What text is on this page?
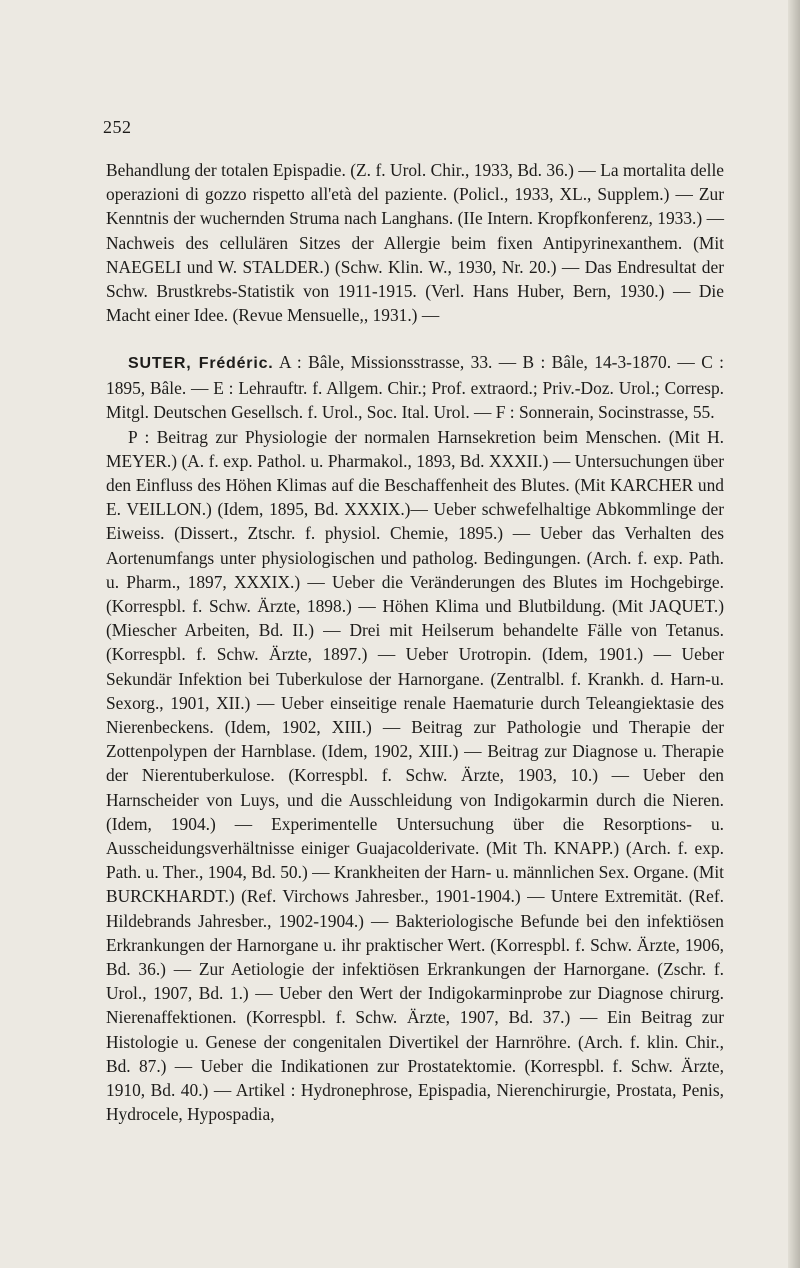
252

Behandlung der totalen Epispadie. (Z. f. Urol. Chir., 1933, Bd. 36.) — La mortalita delle operazioni di gozzo rispetto all'età del paziente. (Policl., 1933, XL., Supplem.) — Zur Kenntnis der wuchernden Struma nach Langhans. (IIe Intern. Kropfkonferenz, 1933.) — Nachweis des cellulären Sitzes der Allergie beim fixen Antipyrinexanthem. (Mit NAEGELI und W. STALDER.) (Schw. Klin. W., 1930, Nr. 20.) — Das Endresultat der Schw. Brustkrebs-Statistik von 1911-1915. (Verl. Hans Huber, Bern, 1930.) — Die Macht einer Idee. (Revue Mensuelle,, 1931.) —

SUTER, Frédéric. A : Bâle, Missionsstrasse, 33. — B : Bâle, 14-3-1870. — C : 1895, Bâle. — E : Lehrauftr. f. Allgem. Chir.; Prof. extraord.; Priv.-Doz. Urol.; Corresp. Mitgl. Deutschen Gesellsch. f. Urol., Soc. Ital. Urol. — F : Sonnerain, Socinstrasse, 55.

P : Beitrag zur Physiologie der normalen Harnsekretion beim Menschen. (Mit H. MEYER.) (A. f. exp. Pathol. u. Pharmakol., 1893, Bd. XXXII.) — Untersuchungen über den Einfluss des Höhen Klimas auf die Beschaffenheit des Blutes. (Mit KARCHER und E. VEILLON.) (Idem, 1895, Bd. XXXIX.)— Ueber schwefelhaltige Abkommlinge der Eiweiss. (Dissert., Ztschr. f. physiol. Chemie, 1895.) — Ueber das Verhalten des Aortenumfangs unter physiologischen und patholog. Bedingungen. (Arch. f. exp. Path. u. Pharm., 1897, XXXIX.) — Ueber die Veränderungen des Blutes im Hochgebirge. (Korrespbl. f. Schw. Ärzte, 1898.) — Höhen Klima und Blutbildung. (Mit JAQUET.) (Miescher Arbeiten, Bd. II.) — Drei mit Heilserum behandelte Fälle von Tetanus. (Korrespbl. f. Schw. Ärzte, 1897.) — Ueber Urotropin. (Idem, 1901.) — Ueber Sekundär Infektion bei Tuberkulose der Harnorgane. (Zentralbl. f. Krankh. d. Harn-u. Sexorg., 1901, XII.) — Ueber einseitige renale Haematurie durch Teleangiektasie des Nierenbeckens. (Idem, 1902, XIII.) — Beitrag zur Pathologie und Therapie der Zottenpolypen der Harnblase. (Idem, 1902, XIII.) — Beitrag zur Diagnose u. Therapie der Nierentuberkulose. (Korrespbl. f. Schw. Ärzte, 1903, 10.) — Ueber den Harnscheider von Luys, und die Ausschleidung von Indigokarmin durch die Nieren. (Idem, 1904.) — Experimentelle Untersuchung über die Resorptions- u. Ausscheidungsverhältnisse einiger Guajacolderivate. (Mit Th. KNAPP.) (Arch. f. exp. Path. u. Ther., 1904, Bd. 50.) — Krankheiten der Harn- u. männlichen Sex. Organe. (Mit BURCKHARDT.) (Ref. Virchows Jahresber., 1901-1904.) — Untere Extremität. (Ref. Hildebrands Jahresber., 1902-1904.) — Bakteriologische Befunde bei den infektiösen Erkrankungen der Harnorgane u. ihr praktischer Wert. (Korrespbl. f. Schw. Ärzte, 1906, Bd. 36.) — Zur Aetiologie der infektiösen Erkrankungen der Harnorgane. (Zschr. f. Urol., 1907, Bd. 1.) — Ueber den Wert der Indigokarminprobe zur Diagnose chirurg. Nierenaffektionen. (Korrespbl. f. Schw. Ärzte, 1907, Bd. 37.) — Ein Beitrag zur Histologie u. Genese der congenitalen Divertikel der Harnröhre. (Arch. f. klin. Chir., Bd. 87.) — Ueber die Indikationen zur Prostatektomie. (Korrespbl. f. Schw. Ärzte, 1910, Bd. 40.) — Artikel : Hydronephrose, Epispadia, Nierenchirurgie, Prostata, Penis, Hydrocele, Hypospadia,
